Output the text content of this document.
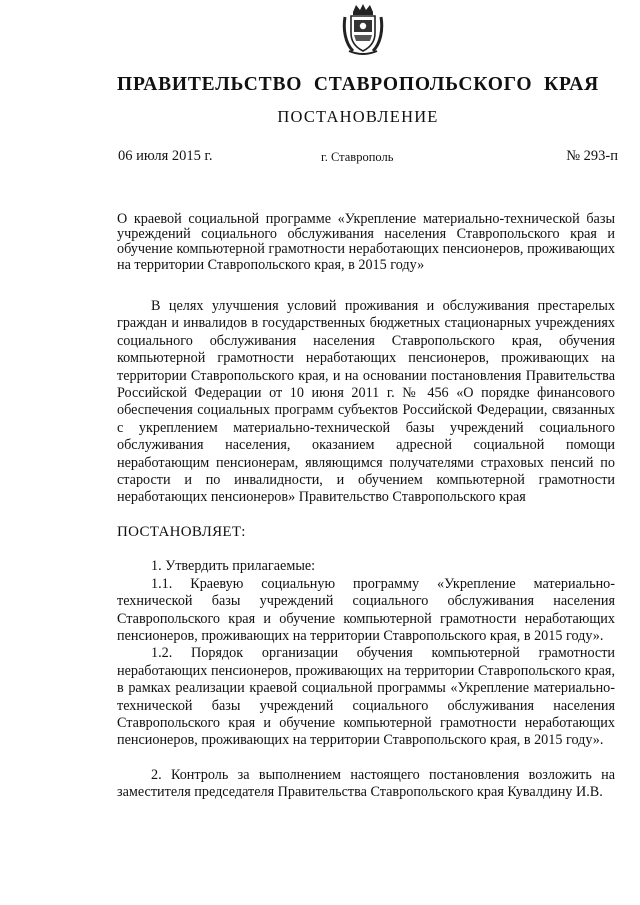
ПРАВИТЕЛЬСТВО СТАВРОПОЛЬСКОГО КРАЯ
ПОСТАНОВЛЕНИЕ
06 июля 2015 г.	г. Ставрополь	№ 293-п
О краевой социальной программе «Укрепление материально-технической базы учреждений социального обслуживания населения Ставропольского края и обучение компьютерной грамотности неработающих пенсионеров, проживающих на территории Ставропольского края, в 2015 году»

В целях улучшения условий проживания и обслуживания престарелых граждан и инвалидов в государственных бюджетных стационарных учреждениях социального обслуживания населения Ставропольского края, обучения компьютерной грамотности неработающих пенсионеров, проживающих на территории Ставропольского края, и на основании постановления Правительства Российской Федерации от 10 июня 2011 г. № 456 «О порядке финансового обеспечения социальных программ субъектов Российской Федерации, связанных с укреплением материально-технической базы учреждений социального обслуживания населения, оказанием адресной социальной помощи неработающим пенсионерам, являющимся получателями страховых пенсий по старости и по инвалидности, и обучением компьютерной грамотности неработающих пенсионеров» Правительство Ставропольского края

ПОСТАНОВЛЯЕТ:

1. Утвердить прилагаемые:

1.1. Краевую социальную программу «Укрепление материально-технической базы учреждений социального обслуживания населения Ставропольского края и обучение компьютерной грамотности неработающих пенсионеров, проживающих на территории Ставропольского края, в 2015 году».

1.2. Порядок организации обучения компьютерной грамотности неработающих пенсионеров, проживающих на территории Ставропольского края, в рамках реализации краевой социальной программы «Укрепление материально-технической базы учреждений социального обслуживания населения Ставропольского края и обучение компьютерной грамотности неработающих пенсионеров, проживающих на территории Ставропольского края, в 2015 году».

2. Контроль за выполнением настоящего постановления возложить на заместителя председателя Правительства Ставропольского края Кувалдину И.В.
